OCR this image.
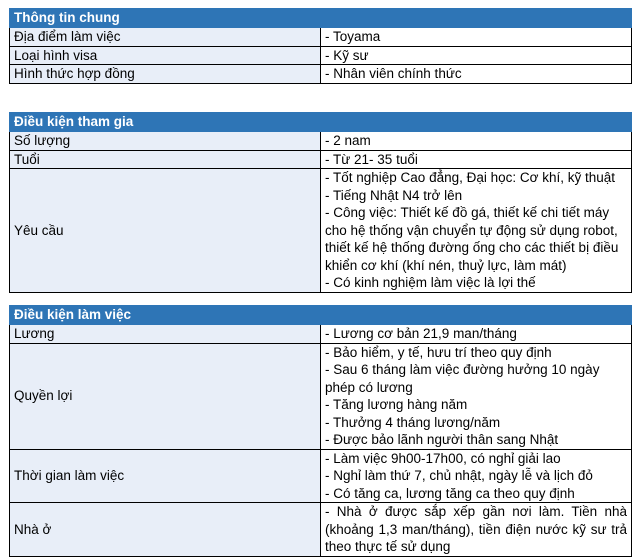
Thông tin chung	
Địa điểm làm việc	- Toyama
Loại hình visa	- Kỹ sư
Hình thức hợp đồng	- Nhân viên chính thức
Điều kiện tham gia	
Số lượng	- 2 nam
Tuổi	- Từ 21- 35 tuổi
Yêu cầu	- Tốt nghiệp Cao đẳng, Đại học: Cơ khí, kỹ thuật
- Tiếng Nhật N4 trở lên
- Công việc: Thiết kế đồ gá, thiết kế chi tiết máy cho hệ thống vận chuyển tự động sử dụng robot, thiết kế hệ thống đường ống cho các thiết bị điều khiển cơ khí (khí nén, thuỷ lực, làm mát)
- Có kinh nghiệm làm việc là lợi thế
Điều kiện làm việc	
Lương	- Lương cơ bản 21,9 man/tháng
Quyền lợi	- Bảo hiểm, y tế, hưu trí theo quy định
- Sau 6 tháng làm việc đường hưởng 10 ngày phép có lương
- Tăng lương hàng năm
- Thưởng 4 tháng lương/năm
- Được bảo lãnh người thân sang Nhật

Thời gian làm việc	- Làm việc 9h00-17h00, có nghỉ giải lao
- Nghỉ làm thứ 7, chủ nhật, ngày lễ và lịch đỏ
- Có tăng ca, lương tăng ca theo quy định

Nhà ở	- Nhà ở được sắp xếp gần nơi làm. Tiền nhà (khoảng 1,3 man/tháng), tiền điện nước kỹ sư trả theo thực tế sử dụng
